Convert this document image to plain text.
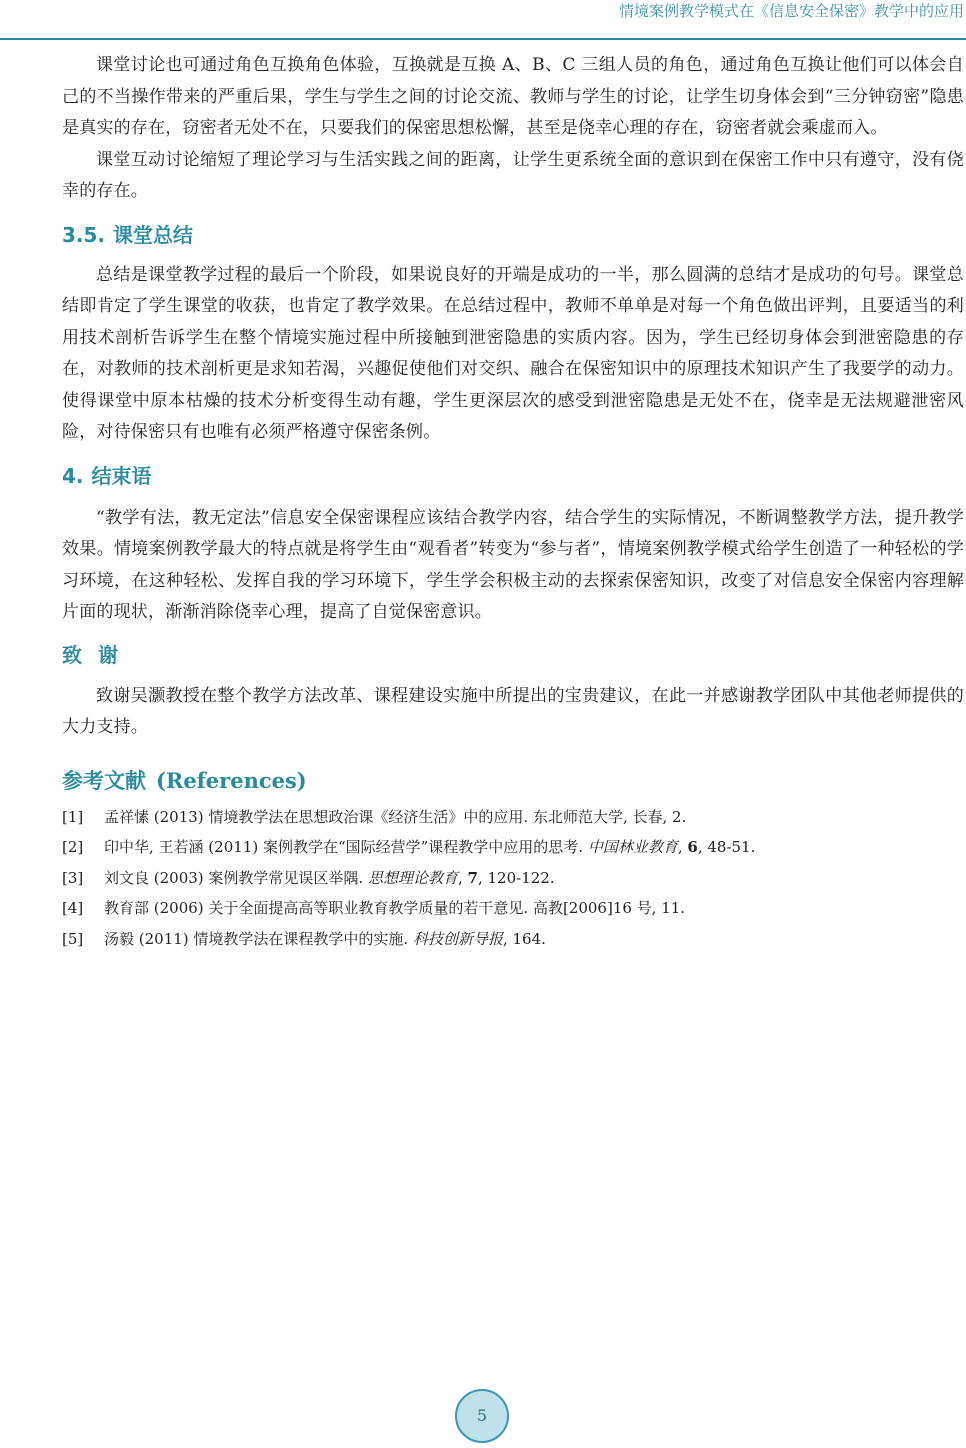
情境案例教学模式在《信息安全保密》教学中的应用

课堂讨论也可通过角色互换角色体验，互换就是互换 A、B、C 三组人员的角色，通过角色互换让他们可以体会自己的不当操作带来的严重后果，学生与学生之间的讨论交流、教师与学生的讨论，让学生切身体会到“三分钟窃密”隐患是真实的存在，窃密者无处不在，只要我们的保密思想松懈，甚至是侥幸心理的存在，窃密者就会乘虚而入。

课堂互动讨论缩短了理论学习与生活实践之间的距离，让学生更系统全面的意识到在保密工作中只有遵守，没有侥幸的存在。

3.5. 课堂总结

总结是课堂教学过程的最后一个阶段，如果说良好的开端是成功的一半，那么圆满的总结才是成功的句号。课堂总结即肯定了学生课堂的收获，也肯定了教学效果。在总结过程中，教师不单单是对每一个角色做出评判，且要适当的利用技术剖析告诉学生在整个情境实施过程中所接触到泄密隐患的实质内容。因为，学生已经切身体会到泄密隐患的存在，对教师的技术剖析更是求知若渴，兴趣促使他们对交织、融合在保密知识中的原理技术知识产生了我要学的动力。使得课堂中原本枯燥的技术分析变得生动有趣，学生更深层次的感受到泄密隐患是无处不在，侥幸是无法规避泄密风险，对待保密只有也唯有必须严格遵守保密条例。

4. 结束语

“教学有法，教无定法”信息安全保密课程应该结合教学内容，结合学生的实际情况，不断调整教学方法，提升教学效果。情境案例教学最大的特点就是将学生由“观看者”转变为“参与者”，情境案例教学模式给学生创造了一种轻松的学习环境，在这种轻松、发挥自我的学习环境下，学生学会积极主动的去探索保密知识，改变了对信息安全保密内容理解片面的现状，渐渐消除侥幸心理，提高了自觉保密意识。

致谢

致谢吴灏教授在整个教学方法改革、课程建设实施中所提出的宝贵建议，在此一并感谢教学团队中其他老师提供的大力支持。

参考文献 (References)
[1]	孟祥愫 (2013) 情境教学法在思想政治课《经济生活》中的应用. 东北师范大学, 长春, 2.
[2]	印中华, 王若涵 (2011) 案例教学在“国际经营学”课程教学中应用的思考. 中国林业教育, 6, 48-51.
[3]	刘文良 (2003) 案例教学常见误区举隅. 思想理论教育, 7, 120-122.
[4]	教育部 (2006) 关于全面提高高等职业教育教学质量的若干意见. 高教[2006]16 号, 11.
[5]	汤毅 (2011) 情境教学法在课程教学中的实施. 科技创新导报, 164.
5
